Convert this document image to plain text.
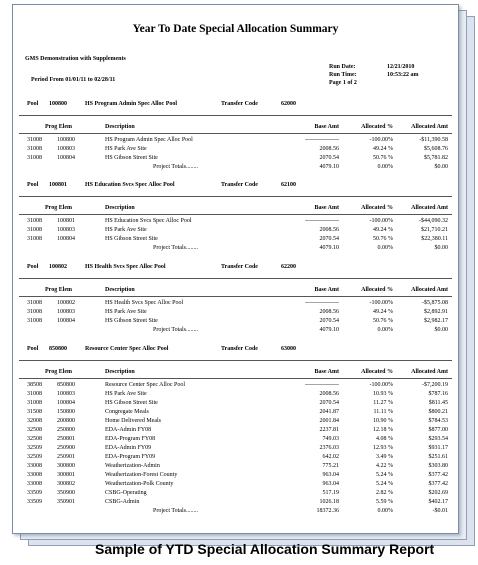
Year To Date Special Allocation Summary
GMS Demonstration with Supplements
Period From 01/01/11 to 02/28/11
Run Date:	12/21/2010
Run Time:	10:53:22 am
Page 1 of 2
Pool 100800	HS Program Admin Spec Alloc Pool	Transfer Code	62000
Prog Elem	Description	Base Amt	Allocated %	Allocated Amt
31008	100800	HS Program Admin Spec Alloc Pool	-----------------	-100.00%	-$11,390.58
31008	100803	HS Park Ave Site	2008.56	49.24 %	$5,608.76
31008	100804	HS Gibson Street Site	2070.54	50.76 %	$5,781.82
Project Totals........	4079.10	0.00%	$0.00
Pool 100801	HS Education Svcs Spec Alloc Pool	Transfer Code	62100
Prog Elem	Description	Base Amt	Allocated %	Allocated Amt
31008	100801	HS Education Svcs Spec Alloc Pool	-----------------	-100.00%	-$44,090.32
31008	100803	HS Park Ave Site	2008.56	49.24 %	$21,710.21
31008	100804	HS Gibson Street Site	2070.54	50.76 %	$22,380.11
Project Totals........	4079.10	0.00%	$0.00
Pool 100802	HS Health Svcs Spec Alloc Pool	Transfer Code	62200
Prog Elem	Description	Base Amt	Allocated %	Allocated Amt
31008	100802	HS Health Svcs Spec Alloc Pool	-----------------	-100.00%	-$5,875.08
31008	100803	HS Park Ave Site	2008.56	49.24 %	$2,892.91
31008	100804	HS Gibson Street Site	2070.54	50.76 %	$2,982.17
Project Totals........	4079.10	0.00%	$0.00
Pool 850800	Resource Center Spec Alloc Pool	Transfer Code	63000
Prog Elem	Description	Base Amt	Allocated %	Allocated Amt
38508	850800	Resource Center Spec Alloc Pool	-----------------	-100.00%	-$7,200.19
31008	100803	HS Park Ave Site	2008.56	10.93 %	$787.16
31008	100804	HS Gibson Street Site	2070.54	11.27 %	$811.45
31508	150800	Congregate Meals	2041.87	11.11 %	$800.21
32008	200800	Home Delivered Meals	2001.84	10.90 %	$784.53
32508	250800	EDA-Admin FY08	2237.81	12.18 %	$877.00
32508	250801	EDA-Program FY08	749.03	4.08 %	$293.54
32509	250900	EDA-Admin FY09	2376.03	12.93 %	$931.17
32509	250901	EDA-Program FY09	642.02	3.49 %	$251.61
33008	300800	Weatherization-Admin	775.21	4.22 %	$303.80
33008	300801	Weatherization-Forest County	963.04	5.24 %	$377.42
33008	300802	Weatherization-Polk County	963.04	5.24 %	$377.42
33509	350900	CSBG-Operating	517.19	2.82 %	$202.69
33509	350901	CSBG-Admin	1026.18	5.59 %	$402.17
Project Totals........	18372.36	0.00%	-$0.01
Sample of YTD Special Allocation Summary Report
